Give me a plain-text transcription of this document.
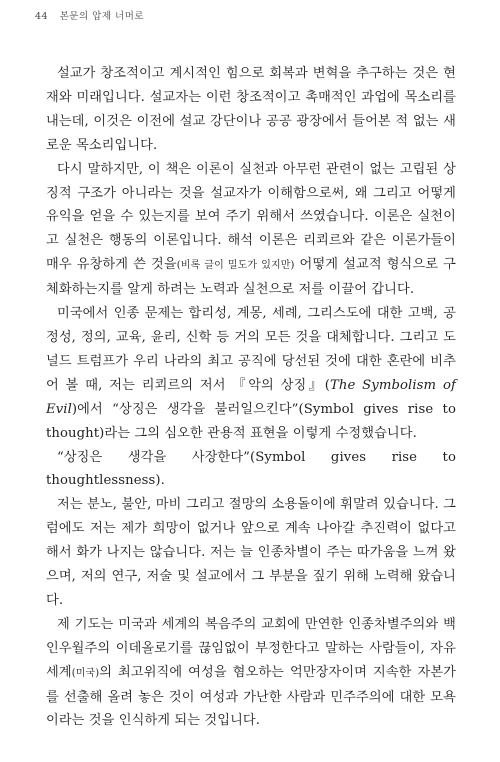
44 본문의 압제 너머로

설교가 창조적이고 계시적인 힘으로 회복과 변혁을 추구하는 것은 현재와 미래입니다. 설교자는 이런 창조적이고 촉매적인 과업에 목소리를 내는데, 이것은 이전에 설교 강단이나 공공 광장에서 들어본 적 없는 새로운 목소리입니다.

다시 말하지만, 이 책은 이론이 실천과 아무런 관련이 없는 고립된 상징적 구조가 아니라는 것을 설교자가 이해함으로써, 왜 그리고 어떻게 유익을 얻을 수 있는지를 보여 주기 위해서 쓰였습니다. 이론은 실천이고 실천은 행동의 이론입니다. 해석 이론은 리쾨르와 같은 이론가들이 매우 유창하게 쓴 것을(비록 글이 밀도가 있지만) 어떻게 설교적 형식으로 구체화하는지를 알게 하려는 노력과 실천으로 저를 이끌어 갑니다.

미국에서 인종 문제는 합리성, 계몽, 세례, 그리스도에 대한 고백, 공정성, 정의, 교육, 윤리, 신학 등 거의 모든 것을 대체합니다. 그리고 도널드 트럼프가 우리 나라의 최고 공직에 당선된 것에 대한 혼란에 비추어 볼 때, 저는 리쾨르의 저서 『악의 상징』(The Symbolism of Evil)에서 “상징은 생각을 불러일으킨다”(Symbol gives rise to thought)라는 그의 심오한 관용적 표현을 이렇게 수정했습니다.

“상징은 생각을 사장한다”(Symbol gives rise to thoughtlessness).

저는 분노, 불안, 마비 그리고 절망의 소용돌이에 휘말려 있습니다. 그럼에도 저는 제가 희망이 없거나 앞으로 계속 나아갈 추진력이 없다고 해서 화가 나지는 않습니다. 저는 늘 인종차별이 주는 따가움을 느껴 왔으며, 저의 연구, 저술 및 설교에서 그 부분을 짚기 위해 노력해 왔습니다.

제 기도는 미국과 세계의 복음주의 교회에 만연한 인종차별주의와 백인우월주의 이데올로기를 끊임없이 부정한다고 말하는 사람들이, 자유세계(미국)의 최고위직에 여성을 혐오하는 억만장자이며 지속한 자본가를 선출해 올려 놓은 것이 여성과 가난한 사람과 민주주의에 대한 모욕이라는 것을 인식하게 되는 것입니다.
